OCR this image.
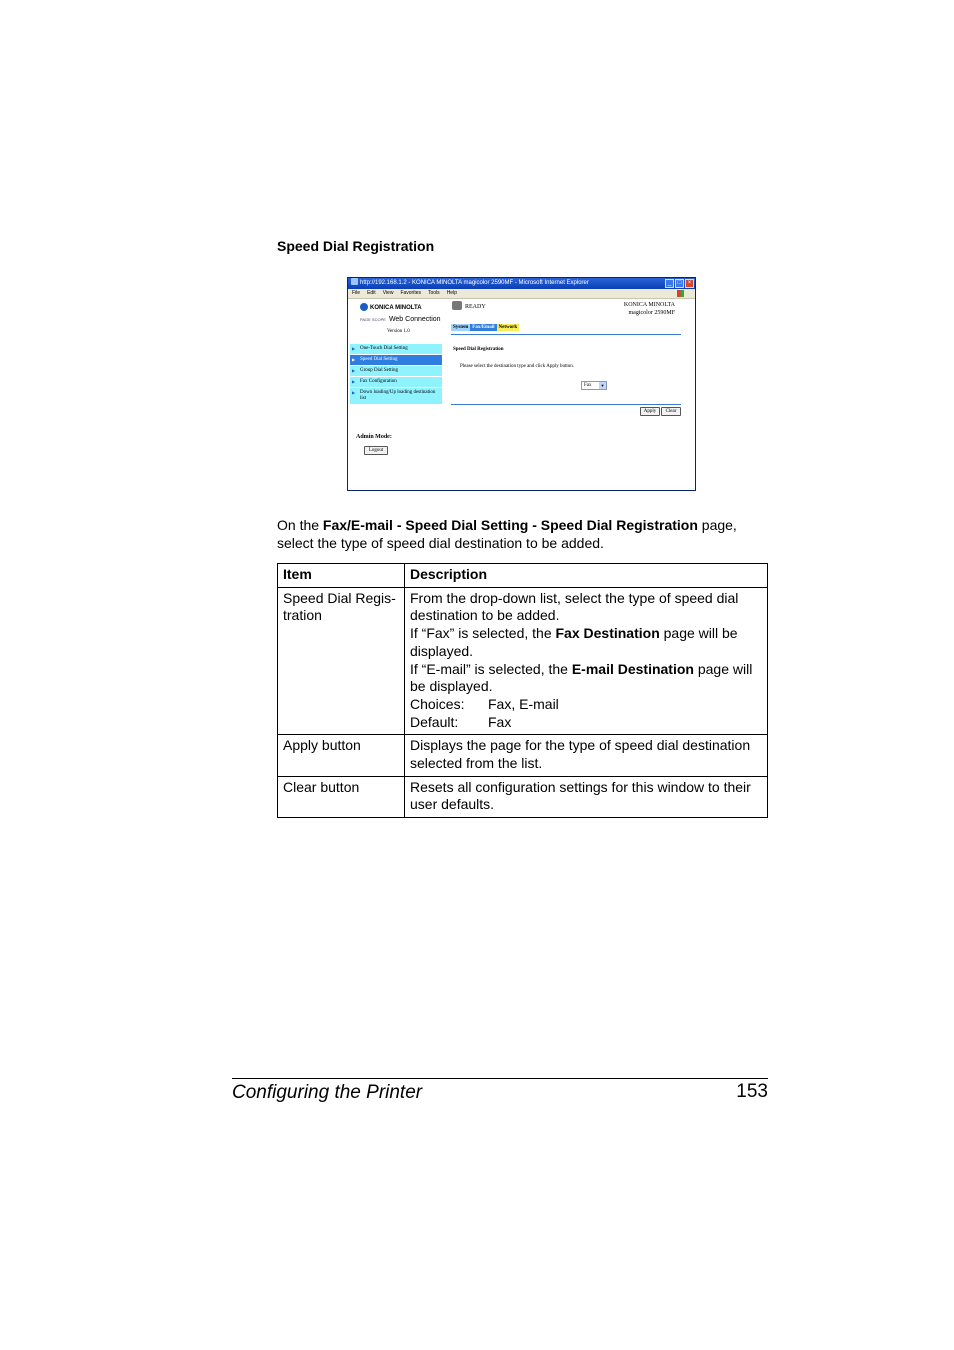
Speed Dial Registration
http://192.168.1.2 - KONICA MINOLTA magicolor 2590MF - Microsoft Internet Explorer	_	□	×
File Edit View Favorites Tools Help
KONICA MINOLTA
PAGE SCOPE Web Connection
Version 1.0
READY	KONICA MINOLTA
magicolor 2590MF
System Fax/Email Network
▶ One-Touch Dial Setting
▶ Speed Dial Setting
▶ Group Dial Setting
▶ Fax Configuration
▶ Down loading/Up loading destination list
Speed Dial Registration
Please select the destination type and click Apply button.
Fax	▼
Apply	Clear
Admin Mode:
Logout
On the Fax/E-mail - Speed Dial Setting - Speed Dial Registration page, select the type of speed dial destination to be added.
Item	Description
Speed Dial Regis-tration	From the drop-down list, select the type of speed dial destination to be added.
If “Fax” is selected, the Fax Destination page will be displayed.
If “E-mail” is selected, the E-mail Destination page will be displayed.
Choices: Fax, E-mail
Default: Fax

Apply button	Displays the page for the type of speed dial destination selected from the list.
Clear button	Resets all configuration settings for this window to their user defaults.
Configuring the Printer	153
